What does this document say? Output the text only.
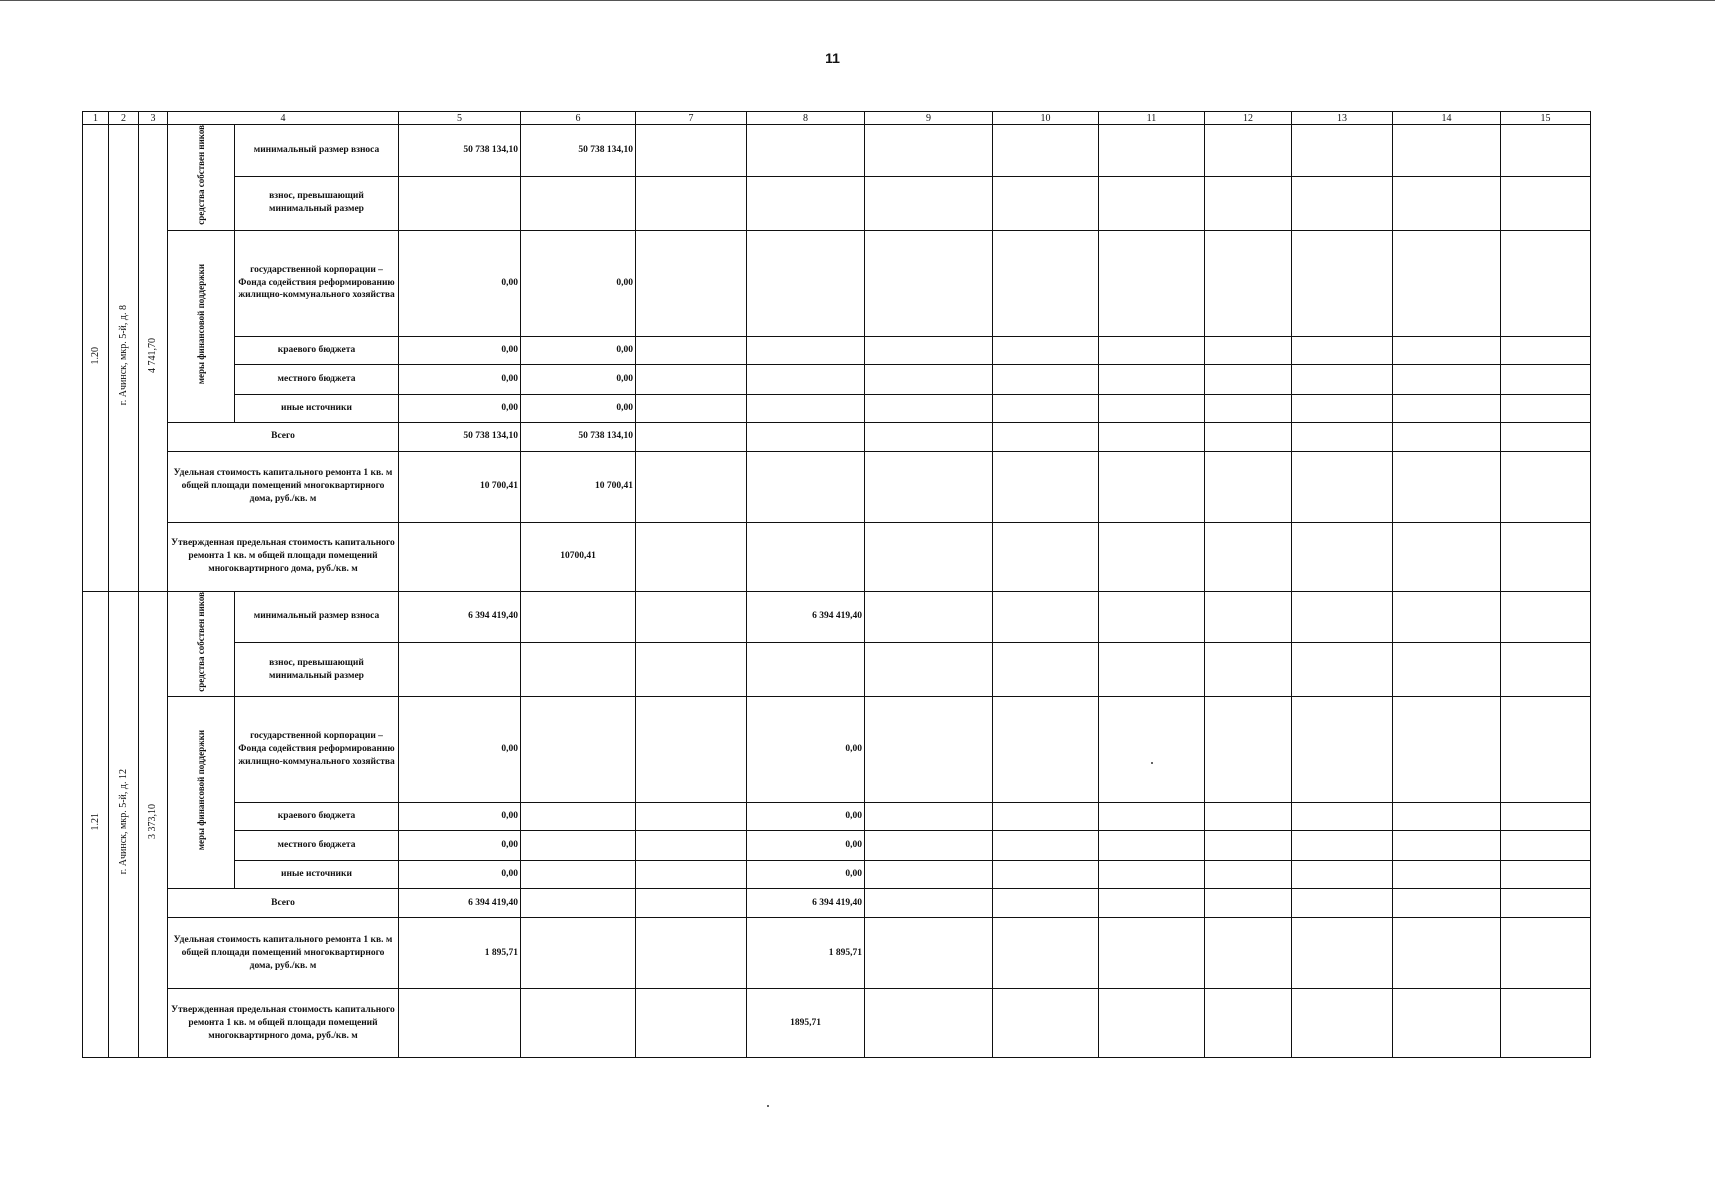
11
1	2	3	4		5	6	7	8	9	10	11	12	13	14	15
1.20	г. Ачинск, мкр. 5-й, д. 8	4 741,70	средства собствен ников	минимальный размер взноса	50 738 134,10	50 738 134,10									
				взнос, превышающий минимальный размер											
			меры финансовой поддержки	государственной корпорации – Фонда содействия реформированию жилищно-коммунального хозяйства	0,00	0,00									
				краевого бюджета	0,00	0,00									
				местного бюджета	0,00	0,00									
				иные источники	0,00	0,00									
			Всего		50 738 134,10	50 738 134,10									
			Удельная стоимость капитального ремонта 1 кв. м общей площади помещений многоквартирного дома, руб./кв. м		10 700,41	10 700,41									
			Утвержденная предельная стоимость капитального ремонта 1 кв. м общей площади помещений многоквартирного дома, руб./кв. м			10700,41									
1.21	г. Ачинск, мкр. 5-й, д. 12	3 373,10	средства собствен ников	минимальный размер взноса	6 394 419,40			6 394 419,40							
				взнос, превышающий минимальный размер											
			меры финансовой поддержки	государственной корпорации – Фонда содействия реформированию жилищно-коммунального хозяйства	0,00			0,00							
				краевого бюджета	0,00			0,00							
				местного бюджета	0,00			0,00							
				иные источники	0,00			0,00							
			Всего		6 394 419,40			6 394 419,40							
			Удельная стоимость капитального ремонта 1 кв. м общей площади помещений многоквартирного дома, руб./кв. м		1 895,71			1 895,71							
			Утвержденная предельная стоимость капитального ремонта 1 кв. м общей площади помещений многоквартирного дома, руб./кв. м					1895,71							
